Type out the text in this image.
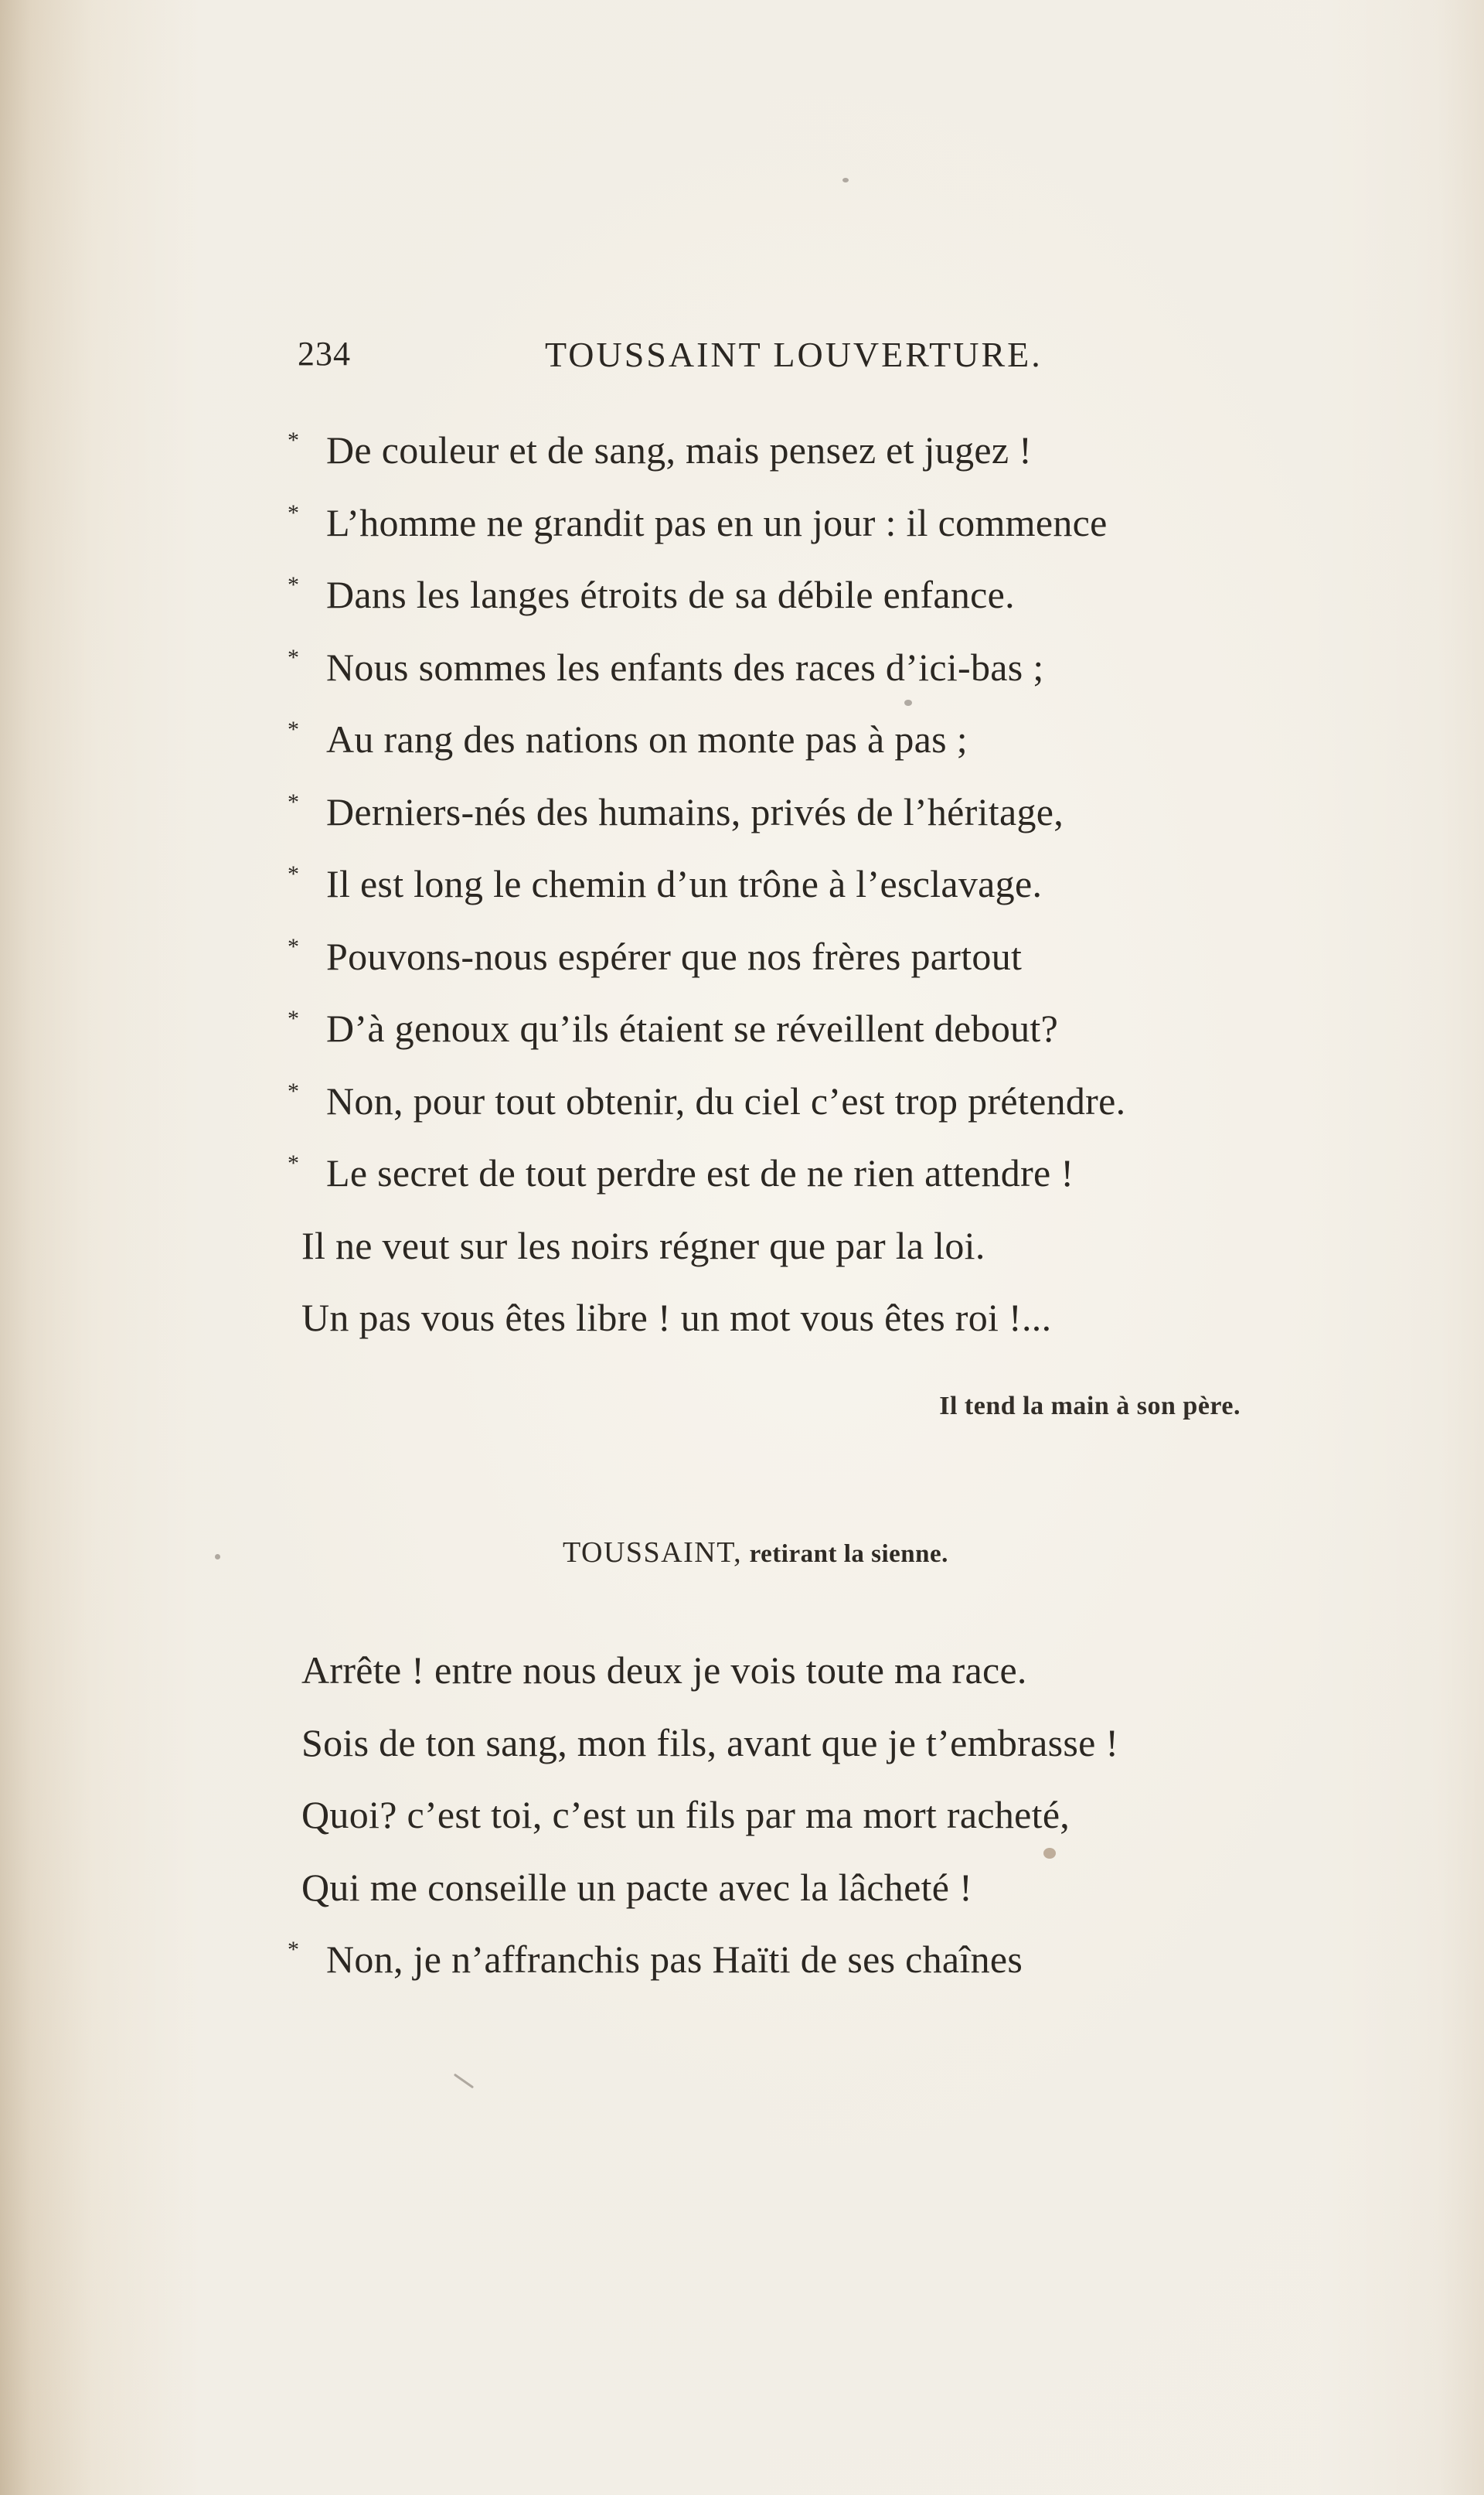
234	TOUSSAINT LOUVERTURE.
* De couleur et de sang, mais pensez et jugez !
* L’homme ne grandit pas en un jour : il commence
* Dans les langes étroits de sa débile enfance.
* Nous sommes les enfants des races d’ici-bas ;
* Au rang des nations on monte pas à pas ;
* Derniers-nés des humains, privés de l’héritage,
* Il est long le chemin d’un trône à l’esclavage.
* Pouvons-nous espérer que nos frères partout
* D’à genoux qu’ils étaient se réveillent debout?
* Non, pour tout obtenir, du ciel c’est trop prétendre.
* Le secret de tout perdre est de ne rien attendre !
Il ne veut sur les noirs régner que par la loi.
Un pas vous êtes libre ! un mot vous êtes roi !...
Il tend la main à son père.
TOUSSAINT, retirant la sienne.
Arrête ! entre nous deux je vois toute ma race.
Sois de ton sang, mon fils, avant que je t’embrasse !
Quoi? c’est toi, c’est un fils par ma mort racheté,
Qui me conseille un pacte avec la lâcheté !
* Non, je n’affranchis pas Haïti de ses chaînes
